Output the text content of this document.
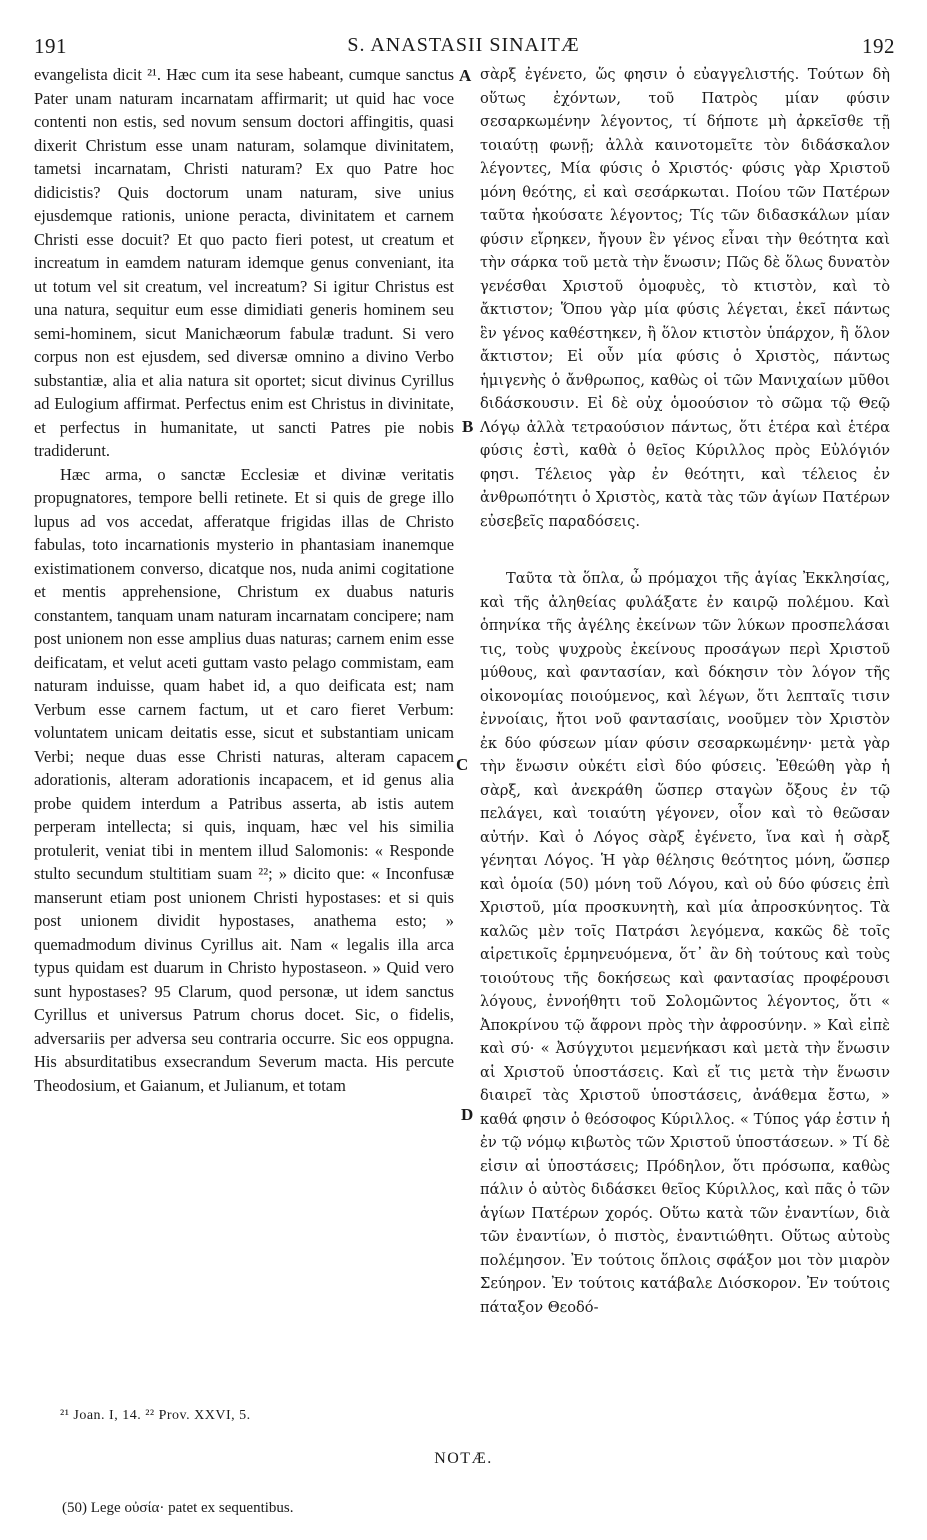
191	S. ANASTASII SINAITÆ	192

evangelista dicit ²¹. Hæc cum ita sese habeant, cumque sanctus Pater unam naturam incarnatam affirmarit; ut quid hac voce contenti non estis, sed novum sensum doctori affingitis, quasi dixerit Christum esse unam naturam, solamque divinitatem, tametsi incarnatam, Christi naturam? Ex quo Patre hoc didicistis? Quis doctorum unam naturam, sive unius ejusdemque rationis, unione peracta, divinitatem et carnem Christi esse docuit? Et quo pacto fieri potest, ut creatum et increatum in eamdem naturam idemque genus conveniant, ita ut totum vel sit creatum, vel increatum? Si igitur Christus est una natura, sequitur eum esse dimidiati generis hominem seu semi-hominem, sicut Manichæorum fabulæ tradunt. Si vero corpus non est ejusdem, sed diversæ omnino a divino Verbo substantiæ, alia et alia natura sit oportet; sicut divinus Cyrillus ad Eulogium affirmat. Perfectus enim est Christus in divinitate, et perfectus in humanitate, ut sancti Patres pie nobis tradiderunt.

Hæc arma, o sanctæ Ecclesiæ et divinæ veritatis propugnatores, tempore belli retinete. Et si quis de grege illo lupus ad vos accedat, afferatque frigidas illas de Christo fabulas, toto incarnationis mysterio in phantasiam inanemque existimationem converso, dicatque nos, nuda animi cogitatione et mentis apprehensione, Christum ex duabus naturis constantem, tanquam unam naturam incarnatam concipere; nam post unionem non esse amplius duas naturas; carnem enim esse deificatam, et velut aceti guttam vasto pelago commistam, eam naturam induisse, quam habet id, a quo deificata est; nam Verbum esse carnem factum, ut et caro fieret Verbum: voluntatem unicam deitatis esse, sicut et substantiam unicam Verbi; neque duas esse Christi naturas, alteram capacem adorationis, alteram adorationis incapacem, et id genus alia probe quidem interdum a Patribus asserta, ab istis autem perperam intellecta; si quis, inquam, hæc vel his similia protulerit, veniat tibi in mentem illud Salomonis: « Responde stulto secundum stultitiam suam ²²; » dicito que: « Inconfusæ manserunt etiam post unionem Christi hypostases: et si quis post unionem dividit hypostases, anathema esto; » quemadmodum divinus Cyrillus ait. Nam « legalis illa arca typus quidam est duarum in Christo hypostaseon. » Quid vero sunt hypostases? 95 Clarum, quod personæ, ut idem sanctus Cyrillus et universus Patrum chorus docet. Sic, o fidelis, adversariis per adversa seu contraria occurre. Sic eos oppugna. His absurditatibus exsecrandum Severum macta. His percute Theodosium, et Gaianum, et Julianum, et totam

A
B
C
D

σὰρξ ἐγένετο, ὥς φησιν ὁ εὐαγγελιστής. Τούτων δὴ οὕτως ἐχόντων, τοῦ Πατρὸς μίαν φύσιν σεσαρκωμένην λέγοντος, τί δήποτε μὴ ἀρκεῖσθε τῇ τοιαύτῃ φωνῇ; ἀλλὰ καινοτομεῖτε τὸν διδάσκαλον λέγοντες, Μία φύσις ὁ Χριστός· φύσις γὰρ Χριστοῦ μόνη θεότης, εἰ καὶ σεσάρκωται. Ποίου τῶν Πατέρων ταῦτα ἠκούσατε λέγοντος; Τίς τῶν διδασκάλων μίαν φύσιν εἴρηκεν, ἤγουν ἓν γένος εἶναι τὴν θεότητα καὶ τὴν σάρκα τοῦ μετὰ τὴν ἕνωσιν; Πῶς δὲ ὅλως δυνατὸν γενέσθαι Χριστοῦ ὁμοφυὲς, τὸ κτιστὸν, καὶ τὸ ἄκτιστον; Ὅπου γὰρ μία φύσις λέγεται, ἐκεῖ πάντως ἓν γένος καθέστηκεν, ἢ ὅλον κτιστὸν ὑπάρχον, ἢ ὅλον ἄκτιστον; Εἰ οὖν μία φύσις ὁ Χριστὸς, πάντως ἡμιγενὴς ὁ ἄνθρωπος, καθὼς οἱ τῶν Μανιχαίων μῦθοι διδάσκουσιν. Εἰ δὲ οὐχ ὁμοούσιον τὸ σῶμα τῷ Θεῷ Λόγῳ ἀλλὰ τετραούσιον πάντως, ὅτι ἑτέρα καὶ ἑτέρα φύσις ἐστὶ, καθὰ ὁ θεῖος Κύριλλος πρὸς Εὐλόγιόν φησι. Τέλειος γὰρ ἐν θεότητι, καὶ τέλειος ἐν ἀνθρωπότητι ὁ Χριστὸς, κατὰ τὰς τῶν ἁγίων Πατέρων εὐσεβεῖς παραδόσεις.

Ταῦτα τὰ ὅπλα, ὦ πρόμαχοι τῆς ἁγίας Ἐκκλησίας, καὶ τῆς ἀληθείας φυλάξατε ἐν καιρῷ πολέμου. Καὶ ὁπηνίκα τῆς ἀγέλης ἐκείνων τῶν λύκων προσπελάσαι τις, τοὺς ψυχροὺς ἐκείνους προσάγων περὶ Χριστοῦ μύθους, καὶ φαντασίαν, καὶ δόκησιν τὸν λόγον τῆς οἰκονομίας ποιούμενος, καὶ λέγων, ὅτι λεπταῖς τισιν ἐννοίαις, ἤτοι νοῦ φαντασίαις, νοοῦμεν τὸν Χριστὸν ἐκ δύο φύσεων μίαν φύσιν σεσαρκωμένην· μετὰ γὰρ τὴν ἕνωσιν οὐκέτι εἰσὶ δύο φύσεις. Ἐθεώθη γὰρ ἡ σὰρξ, καὶ ἀνεκράθη ὥσπερ σταγὼν ὄξους ἐν τῷ πελάγει, καὶ τοιαύτη γέγονεν, οἷον καὶ τὸ θεῶσαν αὐτήν. Καὶ ὁ Λόγος σὰρξ ἐγένετο, ἵνα καὶ ἡ σὰρξ γένηται Λόγος. Ἡ γὰρ θέλησις θεότητος μόνη, ὥσπερ καὶ ὁμοία (50) μόνη τοῦ Λόγου, καὶ οὐ δύο φύσεις ἐπὶ Χριστοῦ, μία προσκυνητὴ, καὶ μία ἀπροσκύνητος. Τὰ καλῶς μὲν τοῖς Πατράσι λεγόμενα, κακῶς δὲ τοῖς αἱρετικοῖς ἑρμηνευόμενα, ὅτ᾽ ἂν δὴ τούτους καὶ τοὺς τοιούτους τῆς δοκήσεως καὶ φαντασίας προφέρουσι λόγους, ἐννοήθητι τοῦ Σολομῶντος λέγοντος, ὅτι « Ἀποκρίνου τῷ ἄφρονι πρὸς τὴν ἀφροσύνην. » Καὶ εἰπὲ καὶ σύ· « Ἀσύγχυτοι μεμενήκασι καὶ μετὰ τὴν ἕνωσιν αἱ Χριστοῦ ὑποστάσεις. Καὶ εἴ τις μετὰ τὴν ἕνωσιν διαιρεῖ τὰς Χριστοῦ ὑποστάσεις, ἀνάθεμα ἔστω, » καθά φησιν ὁ θεόσοφος Κύριλλος. « Τύπος γάρ ἐστιν ἡ ἐν τῷ νόμῳ κιβωτὸς τῶν Χριστοῦ ὑποστάσεων. » Τί δὲ εἰσιν αἱ ὑποστάσεις; Πρόδηλον, ὅτι πρόσωπα, καθὼς πάλιν ὁ αὐτὸς διδάσκει θεῖος Κύριλλος, καὶ πᾶς ὁ τῶν ἁγίων Πατέρων χορός. Οὕτω κατὰ τῶν ἐναντίων, διὰ τῶν ἐναντίων, ὁ πιστὸς, ἐναντιώθητι. Οὕτως αὐτοὺς πολέμησον. Ἐν τούτοις ὅπλοις σφάξον μοι τὸν μιαρὸν Σεύηρον. Ἐν τούτοις κατάβαλε Διόσκορον. Ἐν τούτοις πάταξον Θεοδό-

²¹ Joan. I, 14. ²² Prov. XXVI, 5.
NOTÆ.
(50) Lege οὐσία· patet ex sequentibus.
